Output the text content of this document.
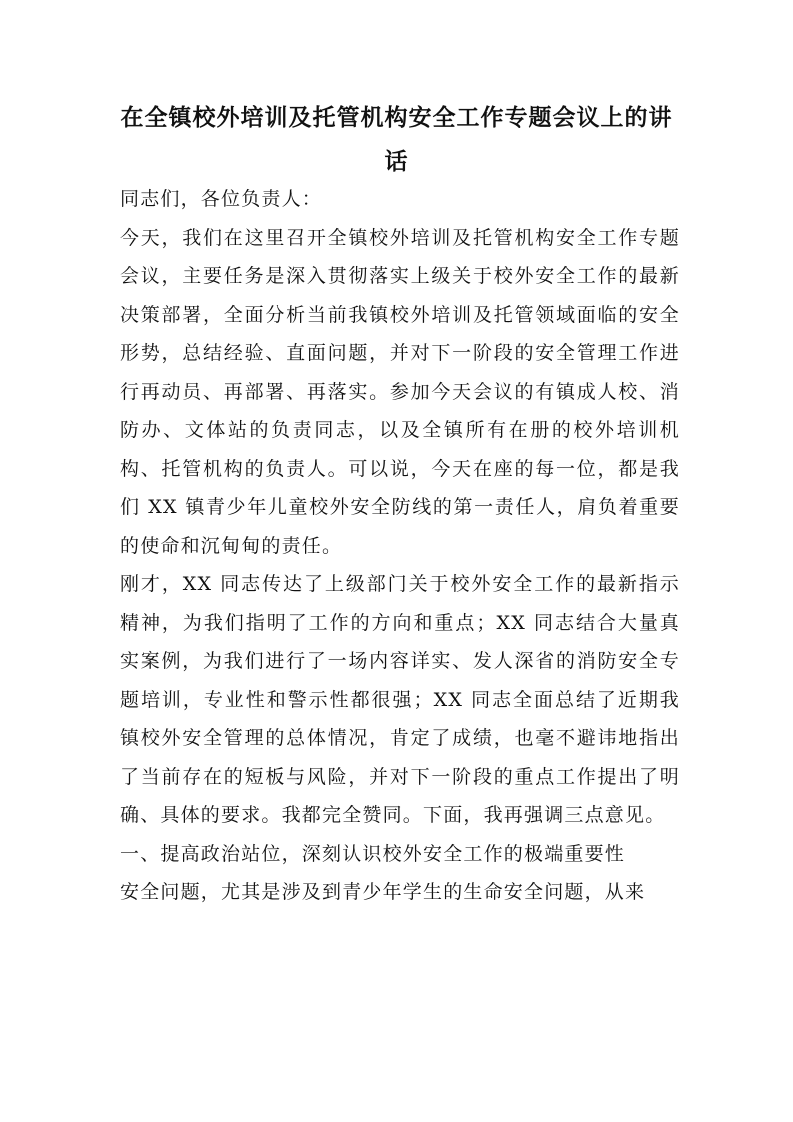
在全镇校外培训及托管机构安全工作专题会议上的讲话

同志们，各位负责人：

今天，我们在这里召开全镇校外培训及托管机构安全工作专题会议，主要任务是深入贯彻落实上级关于校外安全工作的最新决策部署，全面分析当前我镇校外培训及托管领域面临的安全形势，总结经验、直面问题，并对下一阶段的安全管理工作进行再动员、再部署、再落实。参加今天会议的有镇成人校、消防办、文体站的负责同志，以及全镇所有在册的校外培训机构、托管机构的负责人。可以说，今天在座的每一位，都是我们 XX 镇青少年儿童校外安全防线的第一责任人，肩负着重要的使命和沉甸甸的责任。

刚才，XX 同志传达了上级部门关于校外安全工作的最新指示精神，为我们指明了工作的方向和重点；XX 同志结合大量真实案例，为我们进行了一场内容详实、发人深省的消防安全专题培训，专业性和警示性都很强；XX 同志全面总结了近期我镇校外安全管理的总体情况，肯定了成绩，也毫不避讳地指出了当前存在的短板与风险，并对下一阶段的重点工作提出了明确、具体的要求。我都完全赞同。下面，我再强调三点意见。

一、提高政治站位，深刻认识校外安全工作的极端重要性

安全问题，尤其是涉及到青少年学生的生命安全问题，从来
